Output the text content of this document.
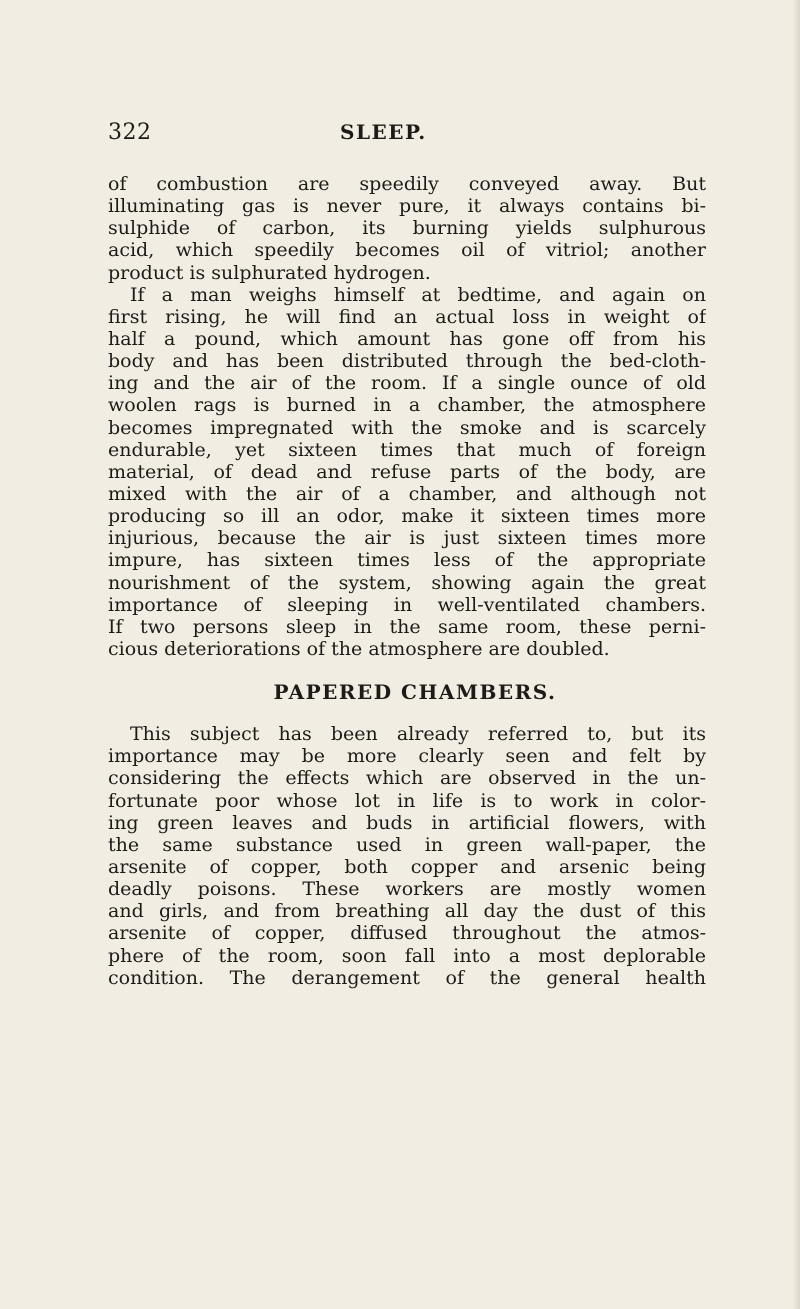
322	SLEEP.
of combustion are speedily conveyed away. But
illuminating gas is never pure, it always contains bi-
sulphide of carbon, its burning yields sulphurous
acid, which speedily becomes oil of vitriol; another
product is sulphurated hydrogen.
If a man weighs himself at bedtime, and again on
first rising, he will find an actual loss in weight of
half a pound, which amount has gone off from his
body and has been distributed through the bed-cloth-
ing and the air of the room. If a single ounce of old
woolen rags is burned in a chamber, the atmosphere
becomes impregnated with the smoke and is scarcely
endurable, yet sixteen times that much of foreign
material, of dead and refuse parts of the body, are
mixed with the air of a chamber, and although not
producing so ill an odor, make it sixteen times more
injurious, because the air is just sixteen times more
impure, has sixteen times less of the appropriate
nourishment of the system, showing again the great
importance of sleeping in well-ventilated chambers.
If two persons sleep in the same room, these perni-
cious deteriorations of the atmosphere are doubled.
PAPERED CHAMBERS.
This subject has been already referred to, but its
importance may be more clearly seen and felt by
considering the effects which are observed in the un-
fortunate poor whose lot in life is to work in color-
ing green leaves and buds in artificial flowers, with
the same substance used in green wall-paper, the
arsenite of copper, both copper and arsenic being
deadly poisons. These workers are mostly women
and girls, and from breathing all day the dust of this
arsenite of copper, diffused throughout the atmos-
phere of the room, soon fall into a most deplorable
condition. The derangement of the general health
